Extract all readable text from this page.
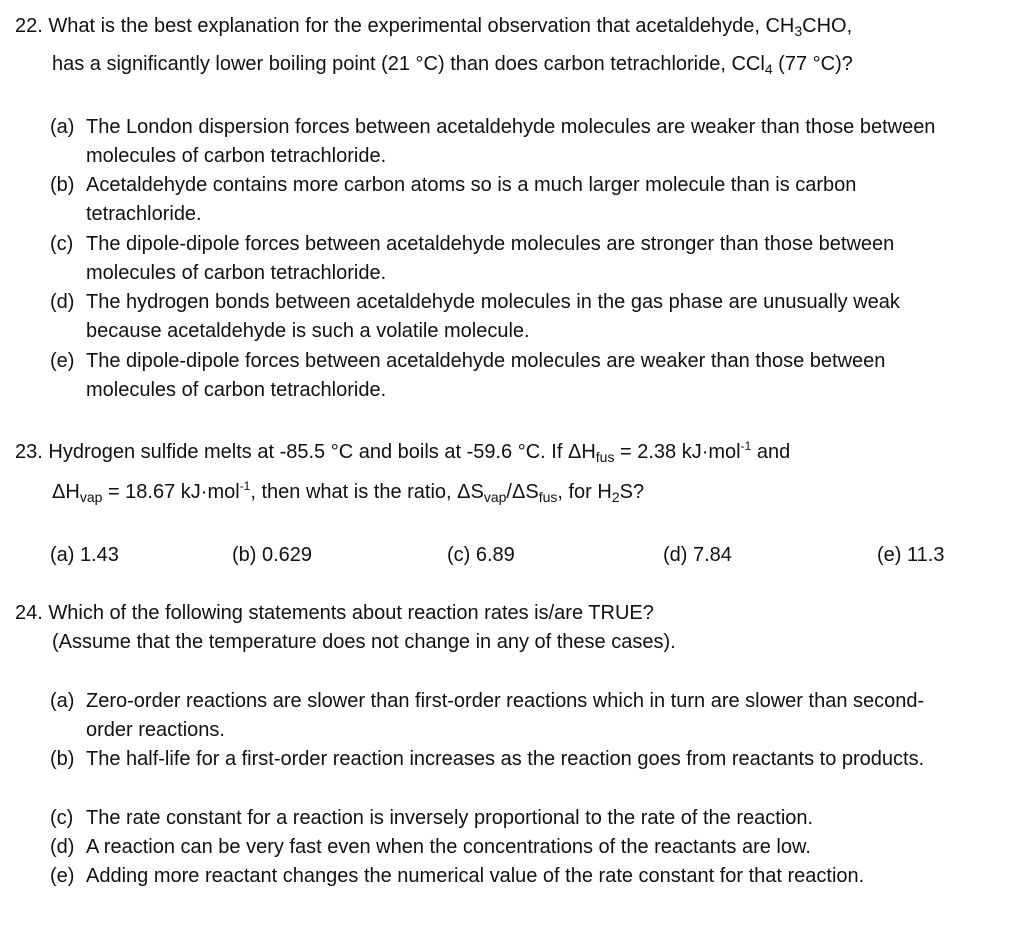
22. What is the best explanation for the experimental observation that acetaldehyde, $CH_3CHO$,
has a significantly lower boiling point (21 °C) than does carbon tetrachloride, CCl$_4$ (77 °C)?
(a) The London dispersion forces between acetaldehyde molecules are weaker than those between molecules of carbon tetrachloride.
(b) Acetaldehyde contains more carbon atoms so is a much larger molecule than is carbon tetrachloride.
(c) The dipole-dipole forces between acetaldehyde molecules are stronger than those between molecules of carbon tetrachloride.
(d) The hydrogen bonds between acetaldehyde molecules in the gas phase are unusually weak because acetaldehyde is such a volatile molecule.
(e) The dipole-dipole forces between acetaldehyde molecules are weaker than those between molecules of carbon tetrachloride.
23. Hydrogen sulfide melts at -85.5 °C and boils at -59.6 °C. If $\Delta H_{fus} = 2.38$ kJ·mol$^{-1}$ and
$\Delta H_{vap} = 18.67$ kJ·mol$^{-1}$, then what is the ratio, $\Delta S_{vap}/\Delta S_{fus}$, for $H_2S$?
(a) 1.43	(b) 0.629	(c) 6.89	(d) 7.84	(e) 11.3
24. Which of the following statements about reaction rates is/are TRUE?
(Assume that the temperature does not change in any of these cases).
(a) Zero-order reactions are slower than first-order reactions which in turn are slower than second-order reactions.
(b) The half-life for a first-order reaction increases as the reaction goes from reactants to products.
(c) The rate constant for a reaction is inversely proportional to the rate of the reaction.
(d) A reaction can be very fast even when the concentrations of the reactants are low.
(e) Adding more reactant changes the numerical value of the rate constant for that reaction.
